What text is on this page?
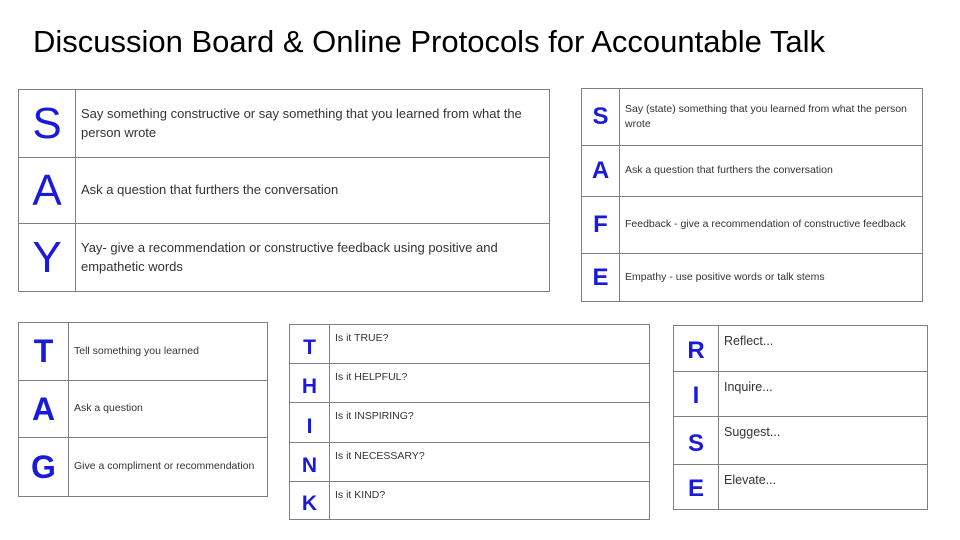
Discussion Board & Online Protocols for Accountable Talk
S	Say something constructive or say something that you learned from what the person wrote
A	Ask a question that furthers the conversation
Y	Yay- give a recommendation or constructive feedback using positive and empathetic words
S	Say (state) something that you learned from what the person wrote
A	Ask a question that furthers the conversation
F	Feedback - give a recommendation of constructive feedback
E	Empathy - use positive words or talk stems
T	Tell something you learned
A	Ask a question
G	Give a compliment or recommendation
T	Is it TRUE?
H	Is it HELPFUL?
I	Is it INSPIRING?
N	Is it NECESSARY?
K	Is it KIND?
R	Reflect...
I	Inquire...
S	Suggest...
E	Elevate...
